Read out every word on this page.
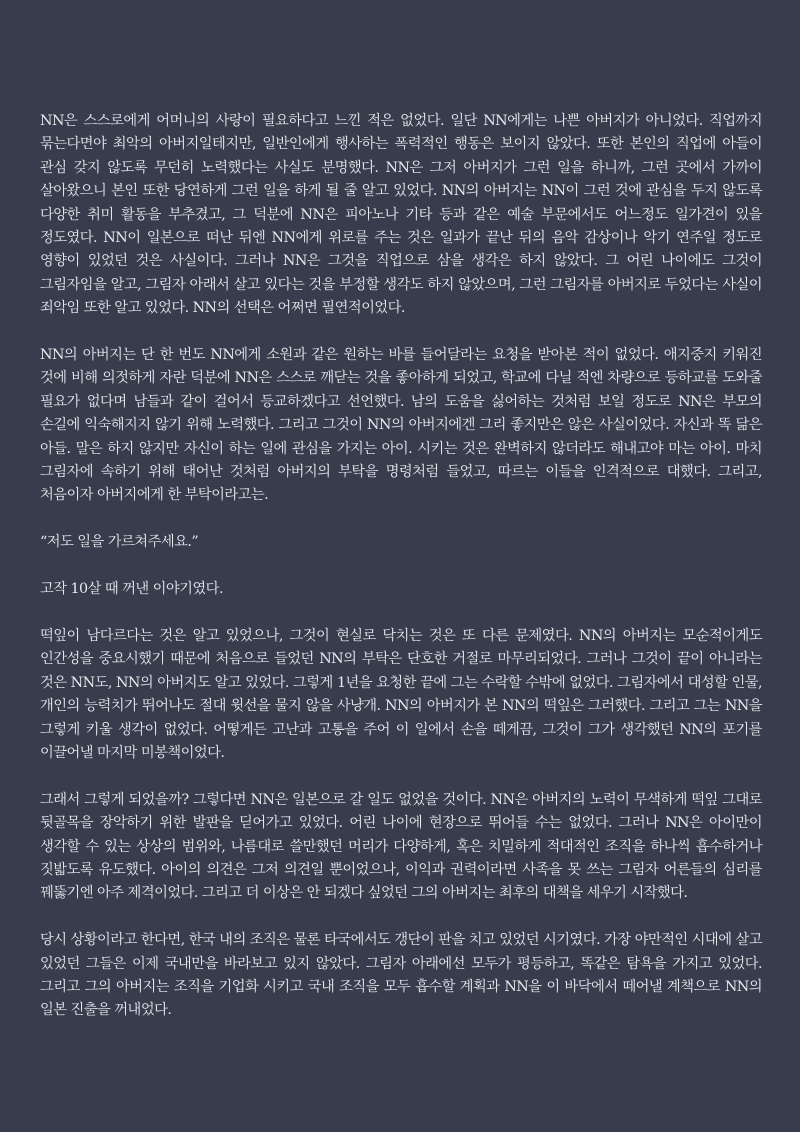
NN은 스스로에게 어머니의 사랑이 필요하다고 느낀 적은 없었다. 일단 NN에게는 나쁜 아버지가 아니었다. 직업까지 묶는다면야 최악의 아버지일테지만, 일반인에게 행사하는 폭력적인 행동은 보이지 않았다. 또한 본인의 직업에 아들이 관심 갖지 않도록 무던히 노력했다는 사실도 분명했다. NN은 그저 아버지가 그런 일을 하니까, 그런 곳에서 가까이 살아왔으니 본인 또한 당연하게 그런 일을 하게 될 줄 알고 있었다. NN의 아버지는 NN이 그런 것에 관심을 두지 않도록 다양한 취미 활동을 부추겼고, 그 덕분에 NN은 피아노나 기타 등과 같은 예술 부문에서도 어느정도 일가견이 있을 정도였다. NN이 일본으로 떠난 뒤엔 NN에게 위로를 주는 것은 일과가 끝난 뒤의 음악 감상이나 악기 연주일 정도로 영향이 있었던 것은 사실이다. 그러나 NN은 그것을 직업으로 삼을 생각은 하지 않았다. 그 어린 나이에도 그것이 그림자임을 알고, 그림자 아래서 살고 있다는 것을 부정할 생각도 하지 않았으며, 그런 그림자를 아버지로 두었다는 사실이 죄악임 또한 알고 있었다. NN의 선택은 어쩌면 필연적이었다.

NN의 아버지는 단 한 번도 NN에게 소원과 같은 원하는 바를 들어달라는 요청을 받아본 적이 없었다. 애지중지 키워진 것에 비해 의젓하게 자란 덕분에 NN은 스스로 깨닫는 것을 좋아하게 되었고, 학교에 다닐 적엔 차량으로 등하교를 도와줄 필요가 없다며 남들과 같이 걸어서 등교하겠다고 선언했다. 남의 도움을 싫어하는 것처럼 보일 정도로 NN은 부모의 손길에 익숙해지지 않기 위해 노력했다. 그리고 그것이 NN의 아버지에겐 그리 좋지만은 않은 사실이었다. 자신과 똑 닮은 아들. 말은 하지 않지만 자신이 하는 일에 관심을 가지는 아이. 시키는 것은 완벽하지 않더라도 해내고야 마는 아이. 마치 그림자에 속하기 위해 태어난 것처럼 아버지의 부탁을 명령처럼 들었고, 따르는 이들을 인격적으로 대했다. 그리고, 처음이자 아버지에게 한 부탁이라고는.

“저도 일을 가르쳐주세요.”

고작 10살 때 꺼낸 이야기였다.

떡잎이 남다르다는 것은 알고 있었으나, 그것이 현실로 닥치는 것은 또 다른 문제였다. NN의 아버지는 모순적이게도 인간성을 중요시했기 때문에 처음으로 들었던 NN의 부탁은 단호한 거절로 마무리되었다. 그러나 그것이 끝이 아니라는 것은 NN도, NN의 아버지도 알고 있었다. 그렇게 1년을 요청한 끝에 그는 수락할 수밖에 없었다. 그림자에서 대성할 인물, 개인의 능력치가 뛰어나도 절대 윗선을 물지 않을 사냥개. NN의 아버지가 본 NN의 떡잎은 그러했다. 그리고 그는 NN을 그렇게 키울 생각이 없었다. 어떻게든 고난과 고통을 주어 이 일에서 손을 떼게끔, 그것이 그가 생각했던 NN의 포기를 이끌어낼 마지막 미봉책이었다.

그래서 그렇게 되었을까? 그렇다면 NN은 일본으로 갈 일도 없었을 것이다. NN은 아버지의 노력이 무색하게 떡잎 그대로 뒷골목을 장악하기 위한 발판을 딛어가고 있었다. 어린 나이에 현장으로 뛰어들 수는 없었다. 그러나 NN은 아이만이 생각할 수 있는 상상의 범위와, 나름대로 쓸만했던 머리가 다양하게, 혹은 치밀하게 적대적인 조직을 하나씩 흡수하거나 짓밟도록 유도했다. 아이의 의견은 그저 의견일 뿐이었으나, 이익과 권력이라면 사족을 못 쓰는 그림자 어른들의 심리를 꿰뚫기엔 아주 제격이었다. 그리고 더 이상은 안 되겠다 싶었던 그의 아버지는 최후의 대책을 세우기 시작했다.

당시 상황이라고 한다면, 한국 내의 조직은 물론 타국에서도 갱단이 판을 치고 있었던 시기였다. 가장 야만적인 시대에 살고 있었던 그들은 이제 국내만을 바라보고 있지 않았다. 그림자 아래에선 모두가 평등하고, 똑같은 탐욕을 가지고 있었다. 그리고 그의 아버지는 조직을 기업화 시키고 국내 조직을 모두 흡수할 계획과 NN을 이 바닥에서 떼어낼 계책으로 NN의 일본 진출을 꺼내었다.
